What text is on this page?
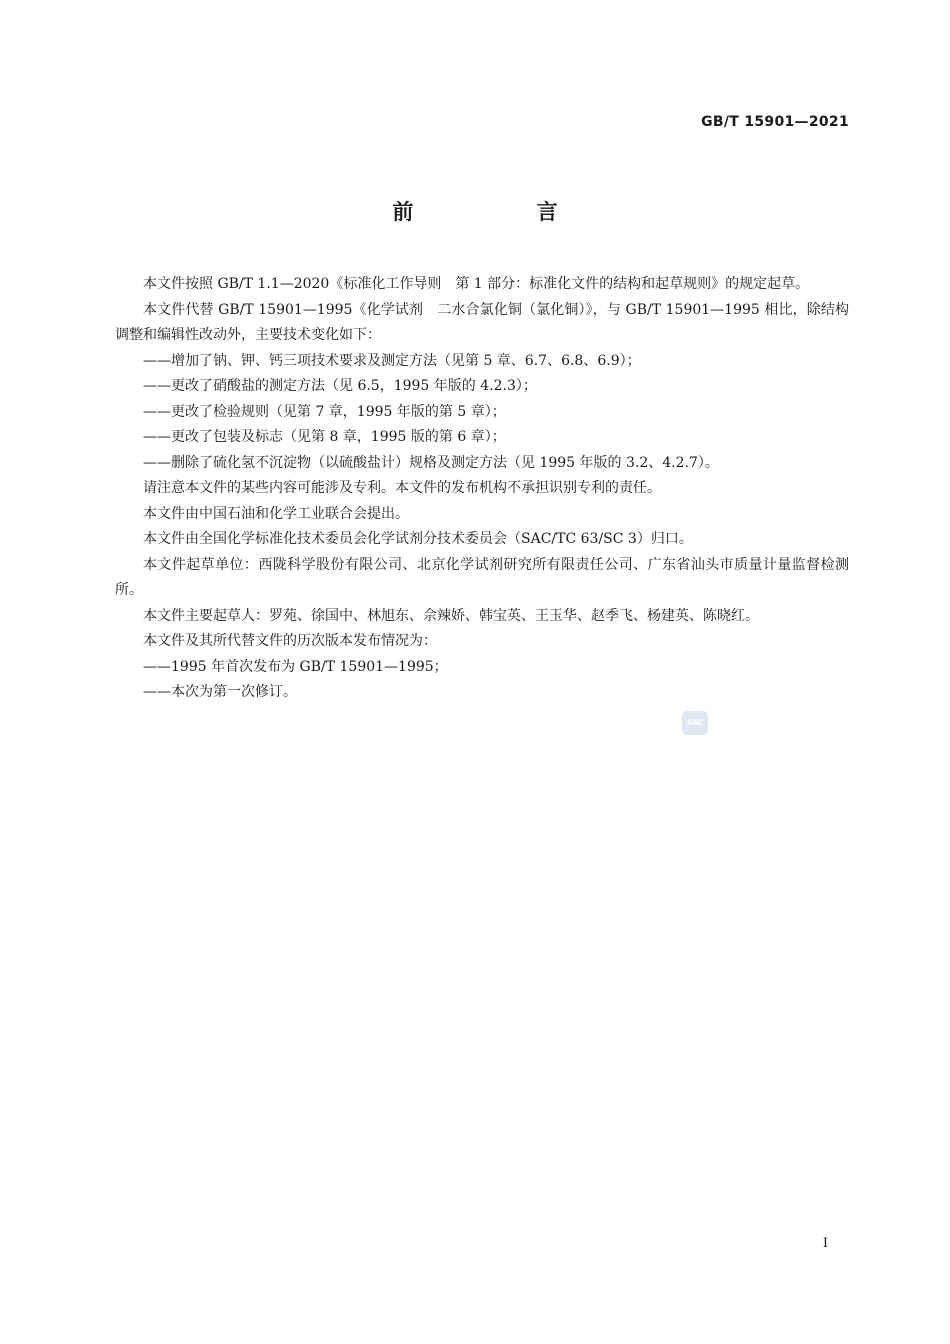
GB/T 15901—2021
前 言

本文件按照 GB/T 1.1—2020《标准化工作导则　第 1 部分：标准化文件的结构和起草规则》的规定起草。

本文件代替 GB/T 15901—1995《化学试剂　二水合氯化铜（氯化铜）》，与 GB/T 15901—1995 相比，除结构调整和编辑性改动外，主要技术变化如下：

——增加了钠、钾、钙三项技术要求及测定方法（见第 5 章、6.7、6.8、6.9）；

——更改了硝酸盐的测定方法（见 6.5，1995 年版的 4.2.3）；

——更改了检验规则（见第 7 章，1995 年版的第 5 章）；

——更改了包装及标志（见第 8 章，1995 版的第 6 章）；

——删除了硫化氢不沉淀物（以硫酸盐计）规格及测定方法（见 1995 年版的 3.2、4.2.7）。

请注意本文件的某些内容可能涉及专利。本文件的发布机构不承担识别专利的责任。

本文件由中国石油和化学工业联合会提出。

本文件由全国化学标准化技术委员会化学试剂分技术委员会（SAC/TC 63/SC 3）归口。

本文件起草单位：西陇科学股份有限公司、北京化学试剂研究所有限责任公司、广东省汕头市质量计量监督检测所。

本文件主要起草人：罗苑、徐国中、林旭东、佘辣娇、韩宝英、王玉华、赵季飞、杨建英、陈晓红。

本文件及其所代替文件的历次版本发布情况为：

——1995 年首次发布为 GB/T 15901—1995；

——本次为第一次修订。

SAC
I
